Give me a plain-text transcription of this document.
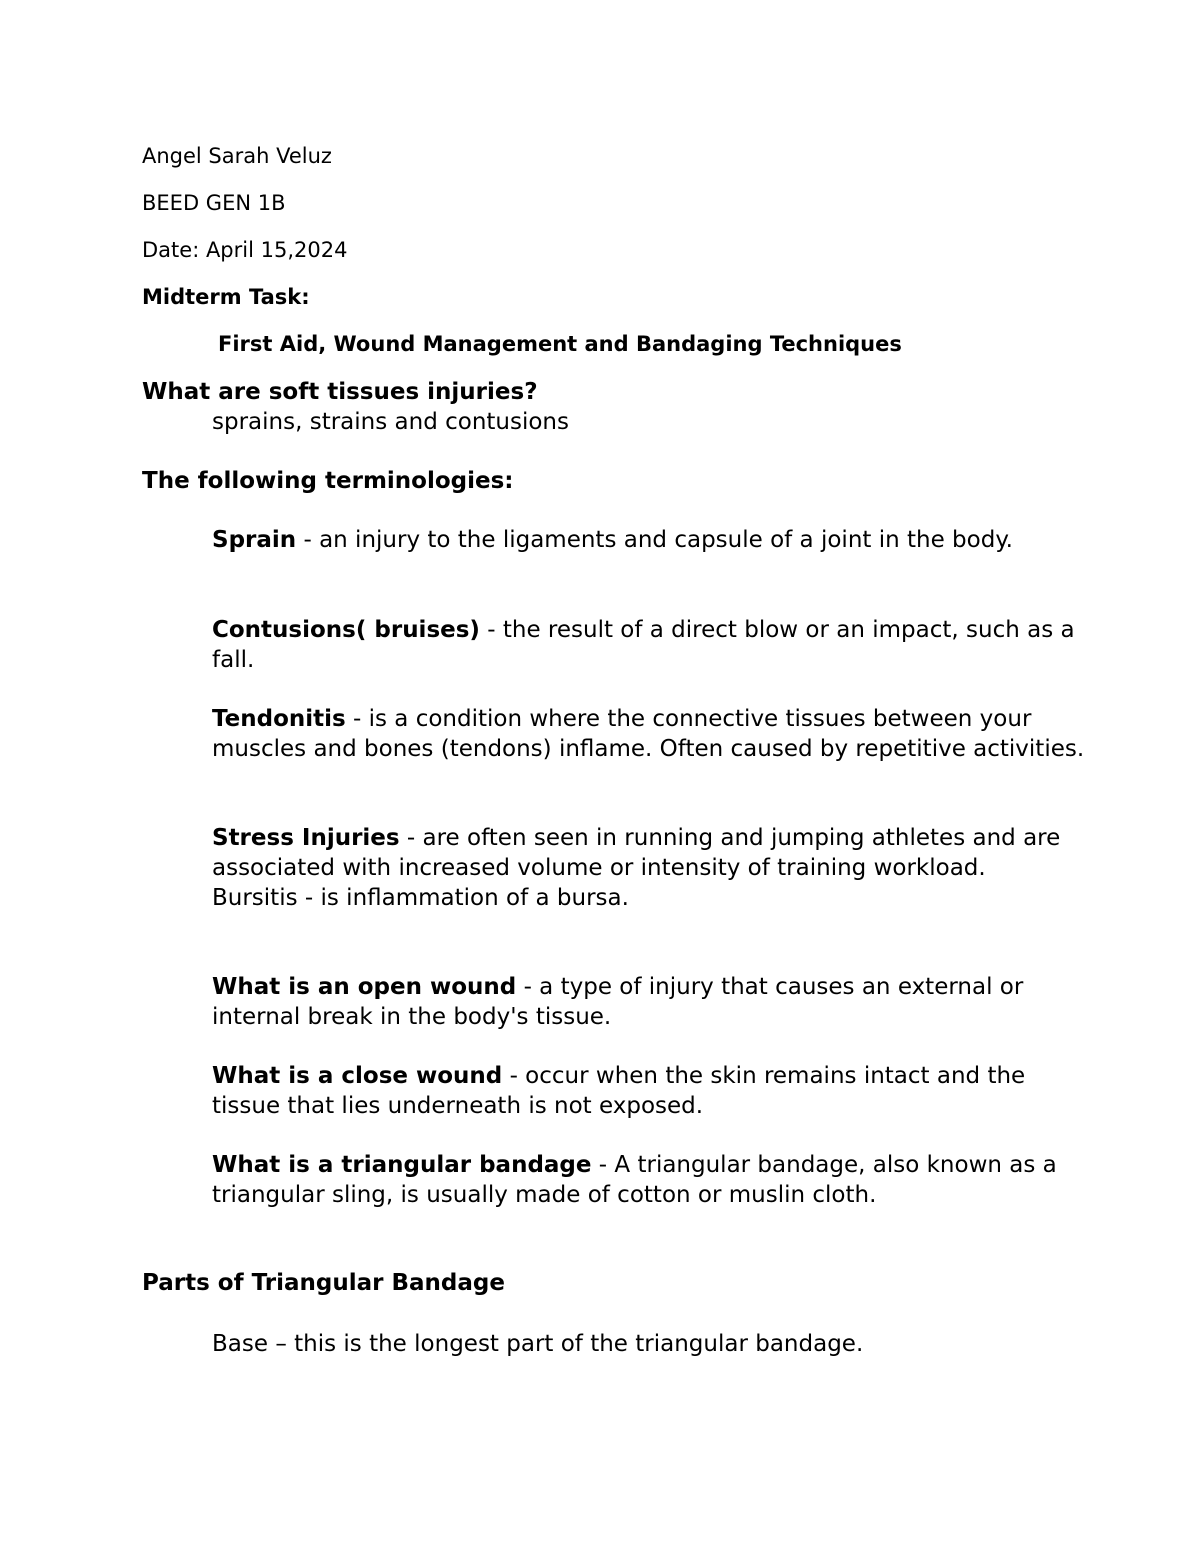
Angel Sarah Veluz
BEED GEN 1B
Date: April 15,2024
Midterm Task:
First Aid, Wound Management and Bandaging Techniques
What are soft tissues injuries?
sprains, strains and contusions
The following terminologies:
Sprain - an injury to the ligaments and capsule of a joint in the body.
Contusions( bruises) - the result of a direct blow or an impact, such as a fall.
Tendonitis - is a condition where the connective tissues between your muscles and bones (tendons) inflame. Often caused by repetitive activities.
Stress Injuries - are often seen in running and jumping athletes and are associated with increased volume or intensity of training workload.
Bursitis - is inflammation of a bursa.
What is an open wound - a type of injury that causes an external or internal break in the body's tissue.
What is a close wound - occur when the skin remains intact and the tissue that lies underneath is not exposed.
What is a triangular bandage - A triangular bandage, also known as a triangular sling, is usually made of cotton or muslin cloth.
Parts of Triangular Bandage
Base – this is the longest part of the triangular bandage.
